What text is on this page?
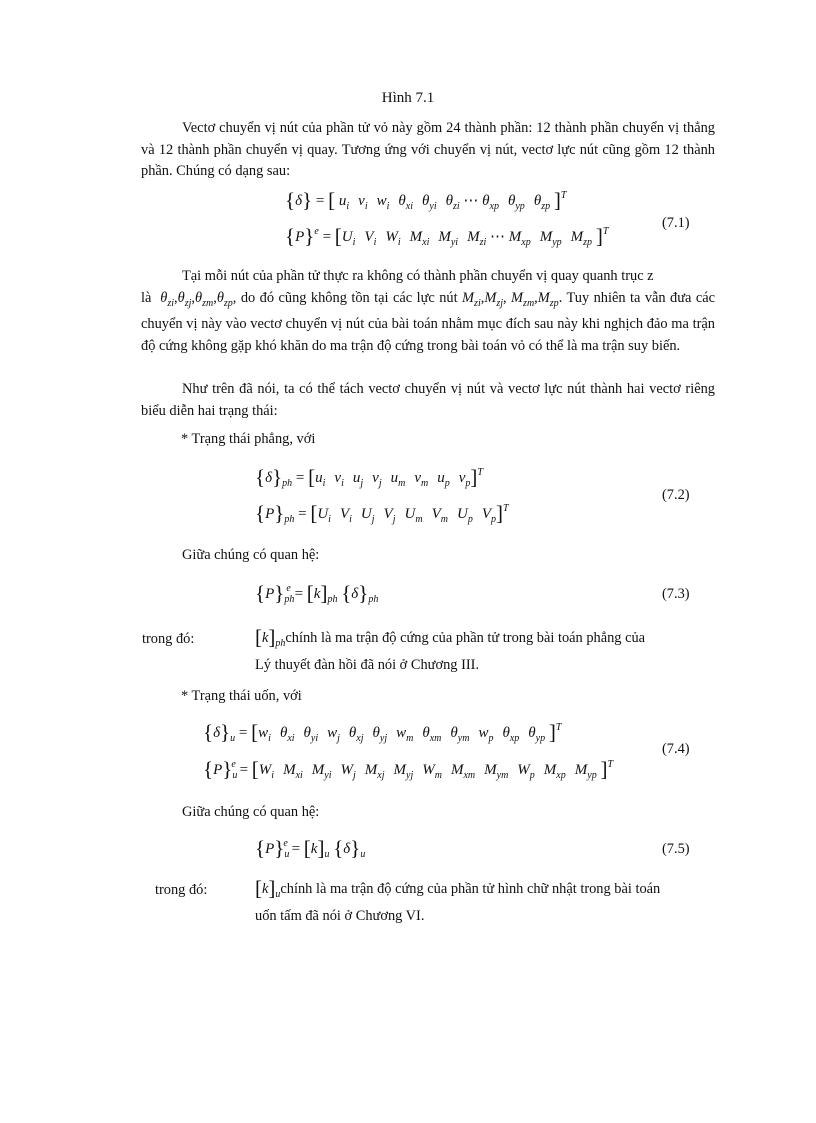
Hình 7.1
Vectơ chuyển vị nút của phần tử vỏ này gồm 24 thành phần: 12 thành phần chuyển vị thẳng và 12 thành phần chuyển vị quay. Tương ứng với chuyển vị nút, vectơ lực nút cũng gồm 12 thành phần. Chúng có dạng sau:
{δ} = [ $u_i$ $v_i$ $w_i$ $\theta_{xi}$ $\theta_{yi}$ $\theta_{zi}$ ⋯ $\theta_{xp}$ $\theta_{yp}$ $\theta_{zp}$ ]$^T$
$\{P\}^e = [U_i$ $V_i$ $W_i$ $M_{xi}$ $M_{yi}$ $M_{zi}$ ⋯ $M_{xp}$ $M_{yp}$ $M_{zp}$ ]$^T$
(7.1)
Tại mỗi nút của phần tử thực ra không có thành phần chuyển vị quay quanh trục z
là $\theta_{zi},\theta_{zj},\theta_{zm},\theta_{zp}$, do đó cũng không tồn tại các lực nút $M_{zi},M_{zj}$, $M_{zm},M_{zp}$. Tuy nhiên ta vẫn đưa các chuyển vị này vào vectơ chuyển vị nút của bài toán nhằm mục đích sau này khi nghịch đảo ma trận độ cứng không gặp khó khăn do ma trận độ cứng trong bài toán vỏ có thể là ma trận suy biến.
Như trên đã nói, ta có thể tách vectơ chuyển vị nút và vectơ lực nút thành hai vectơ riêng biểu diễn hai trạng thái:
* Trạng thái phẳng, với
$\{\delta\}_{ph} = [u_i$ $v_i$ $u_j$ $v_j$ $u_m$ $v_m$ $u_p$ $v_p]^T$
$\{P\}_{ph} = [U_i$ $V_i$ $U_j$ $V_j$ $U_m$ $V_m$ $U_p$ $V_p]^T$
(7.2)
Giữa chúng có quan hệ:
$\{P\}_{ph}^e = [k]_{ph}$ $\{\delta\}_{ph}$	(7.3)
trong đó:	$[k]_{ph}chính$ là ma trận độ cứng của phần tử trong bài toán phẳng của
Lý thuyết đàn hồi đã nói ở Chương III.
* Trạng thái uốn, với
$\{\delta\}_u = [w_i$ $\theta_{xi}$ $\theta_{yi}$ $w_j$ $\theta_{xj}$ $\theta_{yj}$ $w_m$ $\theta_{xm}$ $\theta_{ym}$ $w_p$ $\theta_{xp}$ $\theta_{yp}$ ]$^T$
$\{P\}_u^e = [W_i$ $M_{xi}$ $M_{yi}$ $W_j$ $M_{xj}$ $M_{yj}$ $W_m$ $M_{xm}$ $M_{ym}$ $W_p$ $M_{xp}$ $M_{yp}$ ]$^T$
(7.4)
Giữa chúng có quan hệ:
$\{P\}_u^e = [k]_u$ $\{\delta\}_u$	(7.5)
trong đó: $[k]_uchính$ là ma trận độ cứng của phần tử hình chữ nhật trong bài toán
uốn tấm đã nói ở Chương VI.
